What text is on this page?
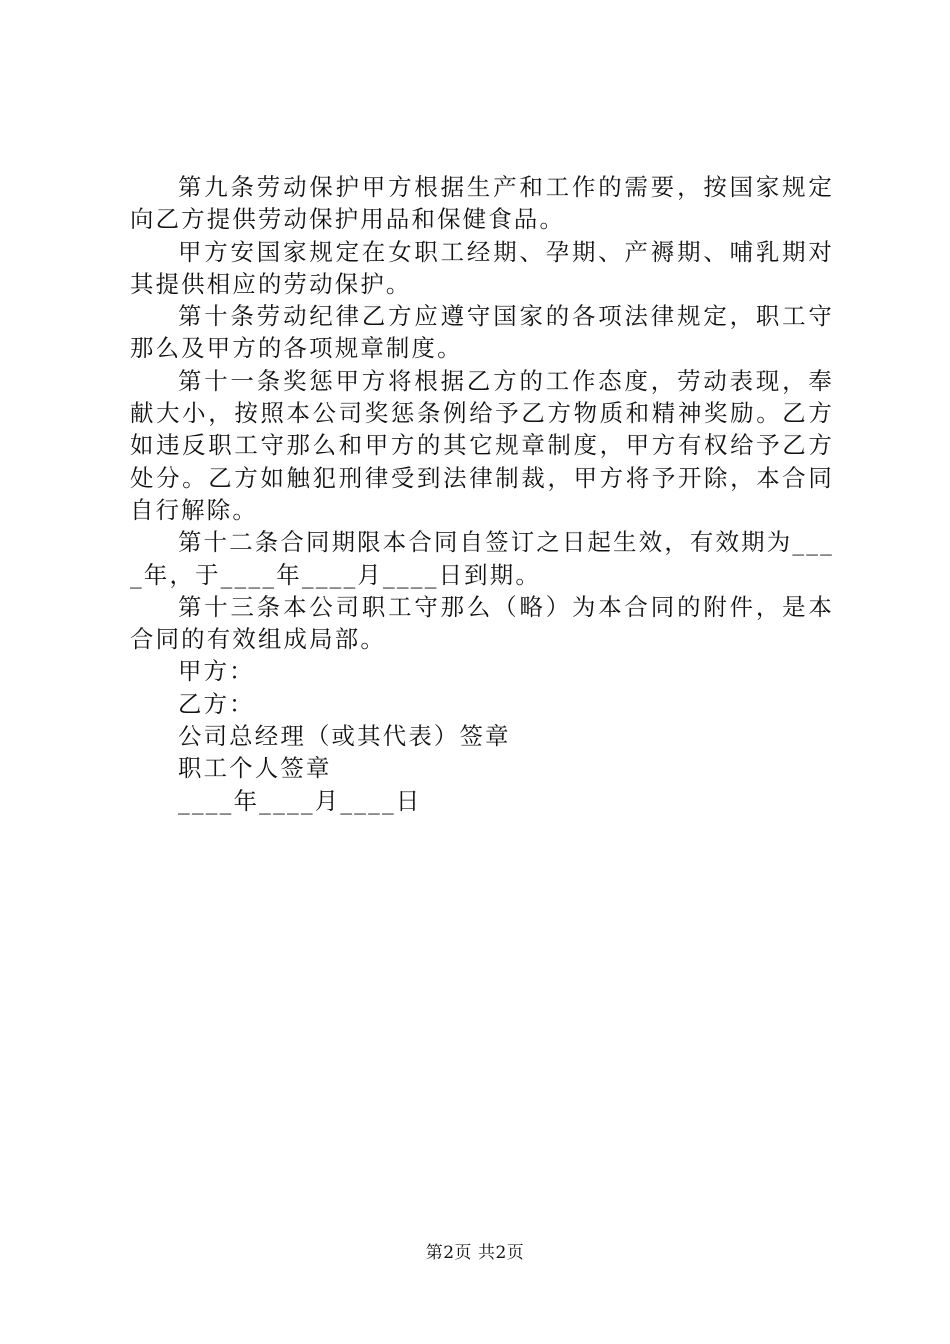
第九条劳动保护甲方根据生产和工作的需要，按国家规定向乙方提供劳动保护用品和保健食品。

甲方安国家规定在女职工经期、孕期、产褥期、哺乳期对其提供相应的劳动保护。

第十条劳动纪律乙方应遵守国家的各项法律规定，职工守那么及甲方的各项规章制度。

第十一条奖惩甲方将根据乙方的工作态度，劳动表现，奉献大小，按照本公司奖惩条例给予乙方物质和精神奖励。乙方如违反职工守那么和甲方的其它规章制度，甲方有权给予乙方处分。乙方如触犯刑律受到法律制裁，甲方将予开除，本合同自行解除。

第十二条合同期限本合同自签订之日起生效，有效期为____年，于____年____月____日到期。

第十三条本公司职工守那么（略）为本合同的附件，是本合同的有效组成局部。

甲方：

乙方：

公司总经理（或其代表）签章

职工个人签章

____年____月____日

第2页 共2页
